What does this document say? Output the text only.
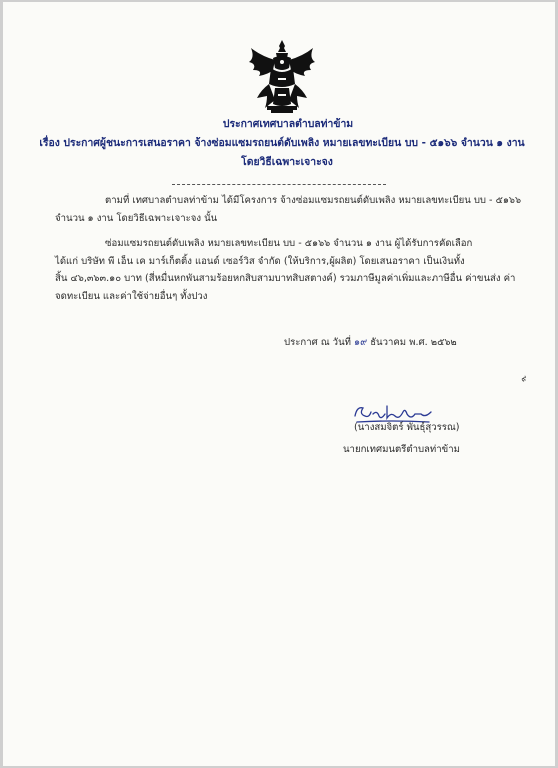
ประกาศเทศบาลตำบลท่าข้าม
เรื่อง ประกาศผู้ชนะการเสนอราคา จ้างซ่อมแซมรถยนต์ดับเพลิง หมายเลขทะเบียน บบ - ๕๑๖๖ จำนวน ๑ งาน
โดยวิธีเฉพาะเจาะจง

ตามที่ เทศบาลตำบลท่าข้าม ได้มีโครงการ จ้างซ่อมแซมรถยนต์ดับเพลิง หมายเลขทะเบียน บบ - ๕๑๖๖

จำนวน ๑ งาน โดยวิธีเฉพาะเจาะจง นั้น

ซ่อมแซมรถยนต์ดับเพลิง หมายเลขทะเบียน บบ - ๕๑๖๖ จำนวน ๑ งาน ผู้ได้รับการคัดเลือก

ได้แก่ บริษัท พี เอ็น เค มาร์เก็ตติ้ง แอนด์ เซอร์วิส จำกัด (ให้บริการ,ผู้ผลิต) โดยเสนอราคา เป็นเงินทั้ง

สิ้น ๔๖,๓๖๓.๑๐ บาท (สี่หมื่นหกพันสามร้อยหกสิบสามบาทสิบสตางค์) รวมภาษีมูลค่าเพิ่มและภาษีอื่น ค่าขนส่ง ค่า

จดทะเบียน และค่าใช้จ่ายอื่นๆ ทั้งปวง

ประกาศ ณ วันที่ ๑๙ ธันวาคม พ.ศ. ๒๕๖๒
(นางสมจิตร์ พันธุ์สุวรรณ)
นายกเทศมนตรีตำบลท่าข้าม
๙
